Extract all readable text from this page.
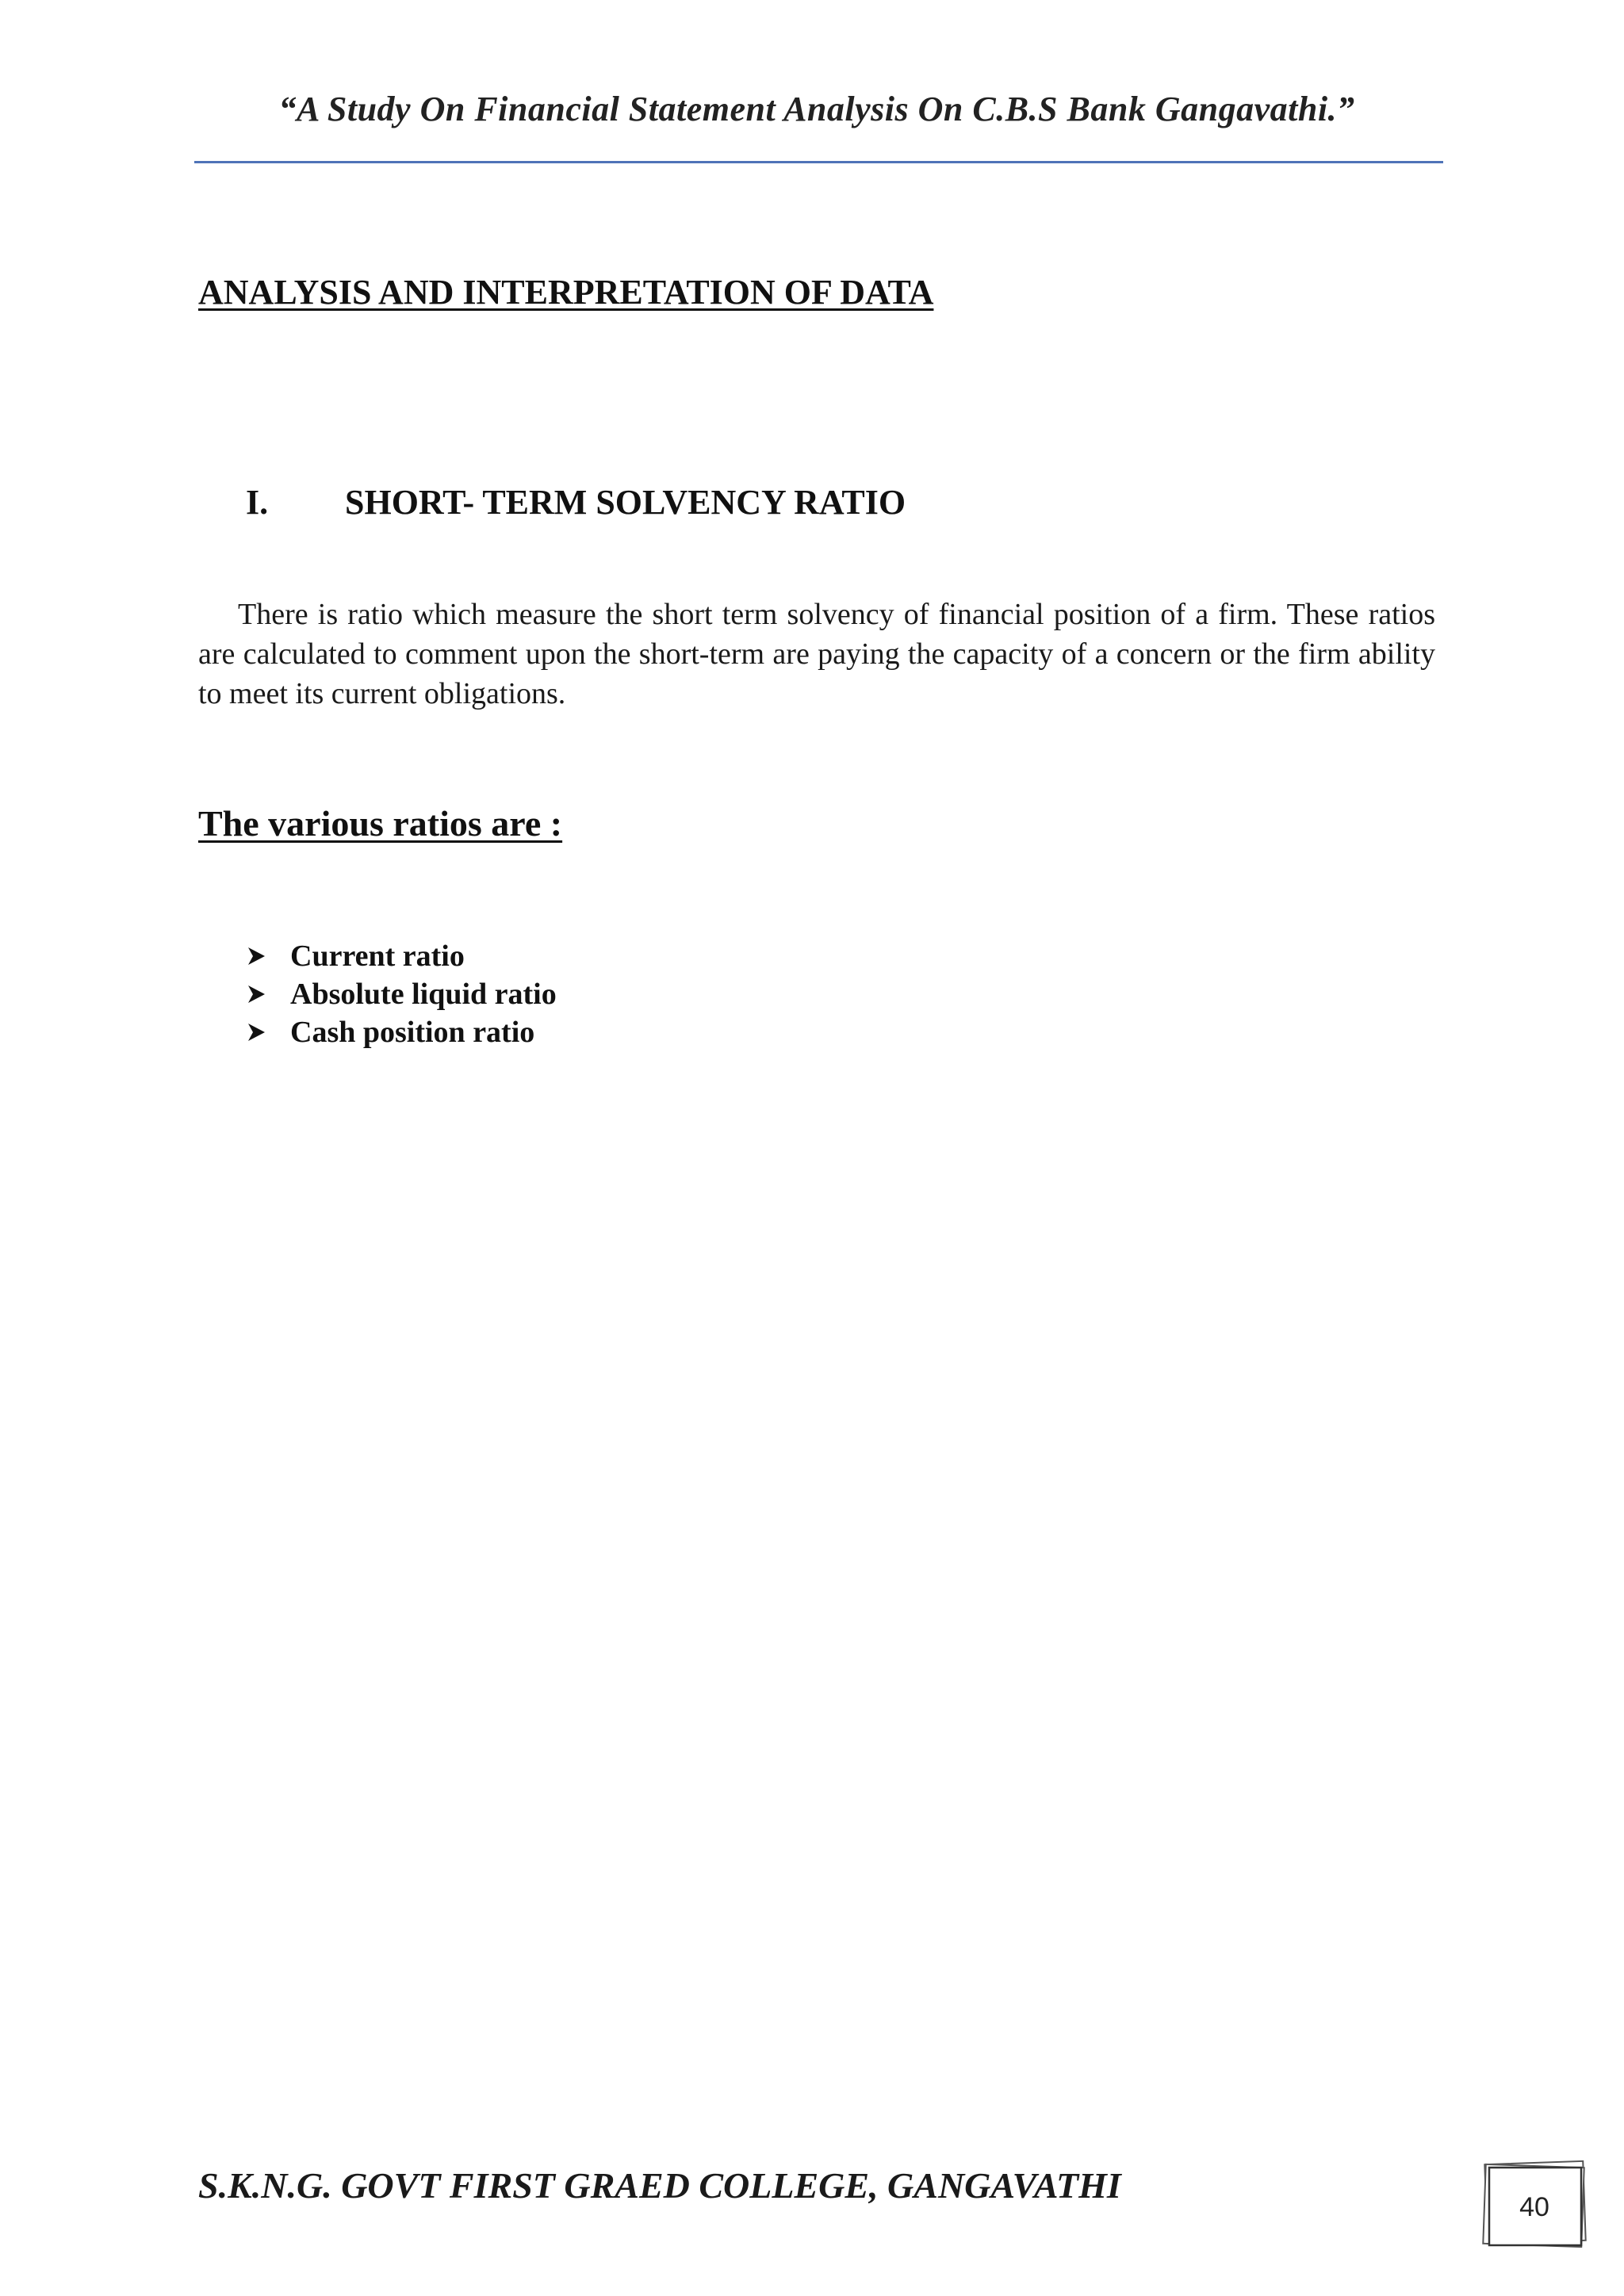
“A Study On Financial Statement Analysis On C.B.S Bank Gangavathi.”
ANALYSIS AND INTERPRETATION OF DATA
I. SHORT- TERM SOLVENCY RATIO
There is ratio which measure the short term solvency of financial position of a firm. These ratios are calculated to comment upon the short-term are paying the capacity of a concern or the firm ability to meet its current obligations.
The various ratios are :
Current ratio
Absolute liquid ratio
Cash position ratio
S.K.N.G. GOVT FIRST GRAED COLLEGE, GANGAVATHI
40
